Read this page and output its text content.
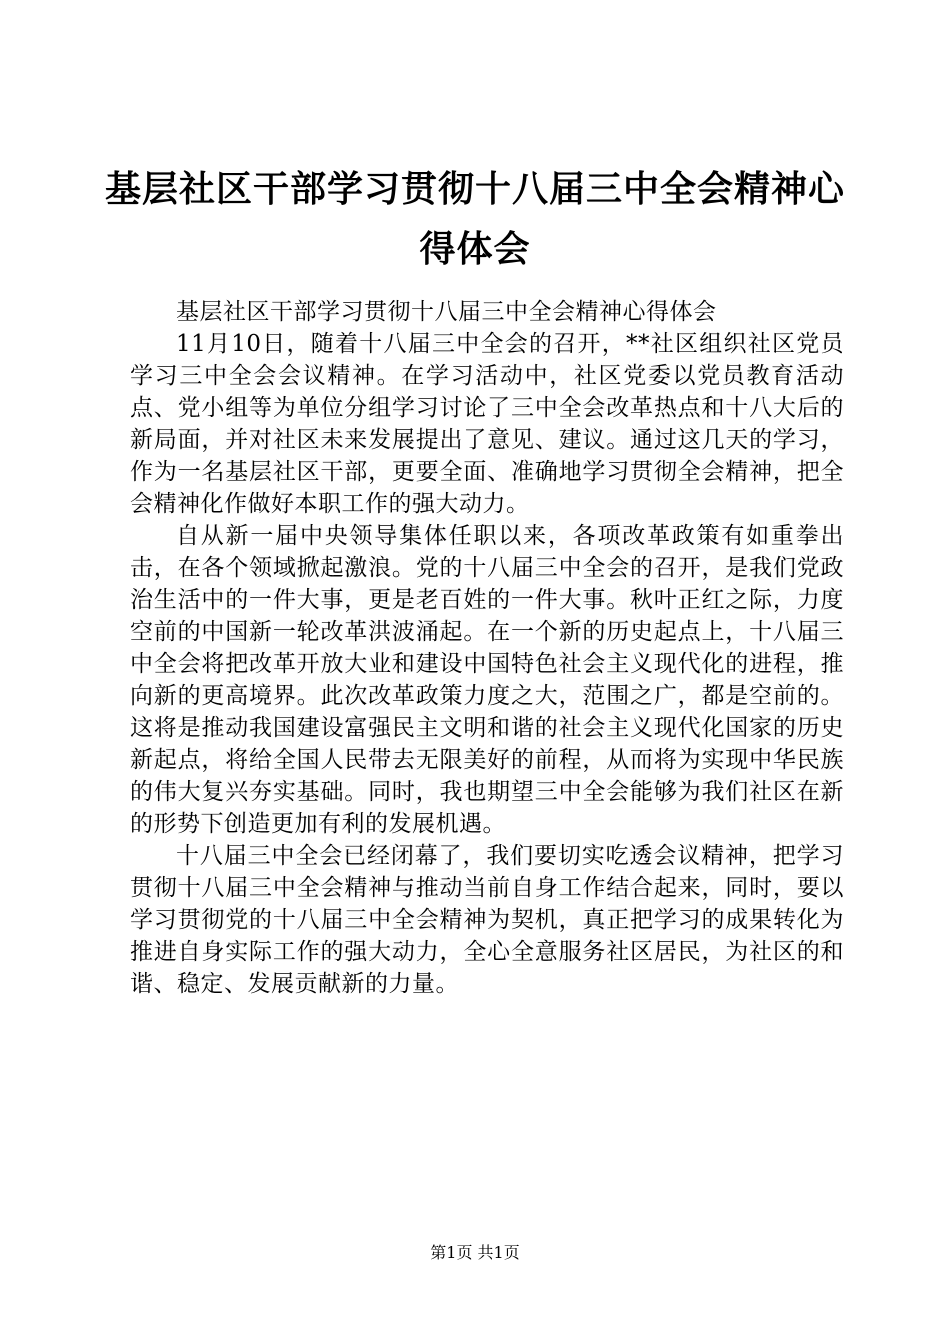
基层社区干部学习贯彻十八届三中全会精神心得体会

基层社区干部学习贯彻十八届三中全会精神心得体会

11月10日，随着十八届三中全会的召开，**社区组织社区党员学习三中全会会议精神。在学习活动中，社区党委以党员教育活动点、党小组等为单位分组学习讨论了三中全会改革热点和十八大后的新局面，并对社区未来发展提出了意见、建议。通过这几天的学习，作为一名基层社区干部，更要全面、准确地学习贯彻全会精神，把全会精神化作做好本职工作的强大动力。

自从新一届中央领导集体任职以来，各项改革政策有如重拳出击，在各个领域掀起激浪。党的十八届三中全会的召开，是我们党政治生活中的一件大事，更是老百姓的一件大事。秋叶正红之际，力度空前的中国新一轮改革洪波涌起。在一个新的历史起点上，十八届三中全会将把改革开放大业和建设中国特色社会主义现代化的进程，推向新的更高境界。此次改革政策力度之大，范围之广，都是空前的。这将是推动我国建设富强民主文明和谐的社会主义现代化国家的历史新起点，将给全国人民带去无限美好的前程，从而将为实现中华民族的伟大复兴夯实基础。同时，我也期望三中全会能够为我们社区在新的形势下创造更加有利的发展机遇。

十八届三中全会已经闭幕了，我们要切实吃透会议精神，把学习贯彻十八届三中全会精神与推动当前自身工作结合起来，同时，要以学习贯彻党的十八届三中全会精神为契机，真正把学习的成果转化为推进自身实际工作的强大动力，全心全意服务社区居民，为社区的和谐、稳定、发展贡献新的力量。

第1页 共1页
